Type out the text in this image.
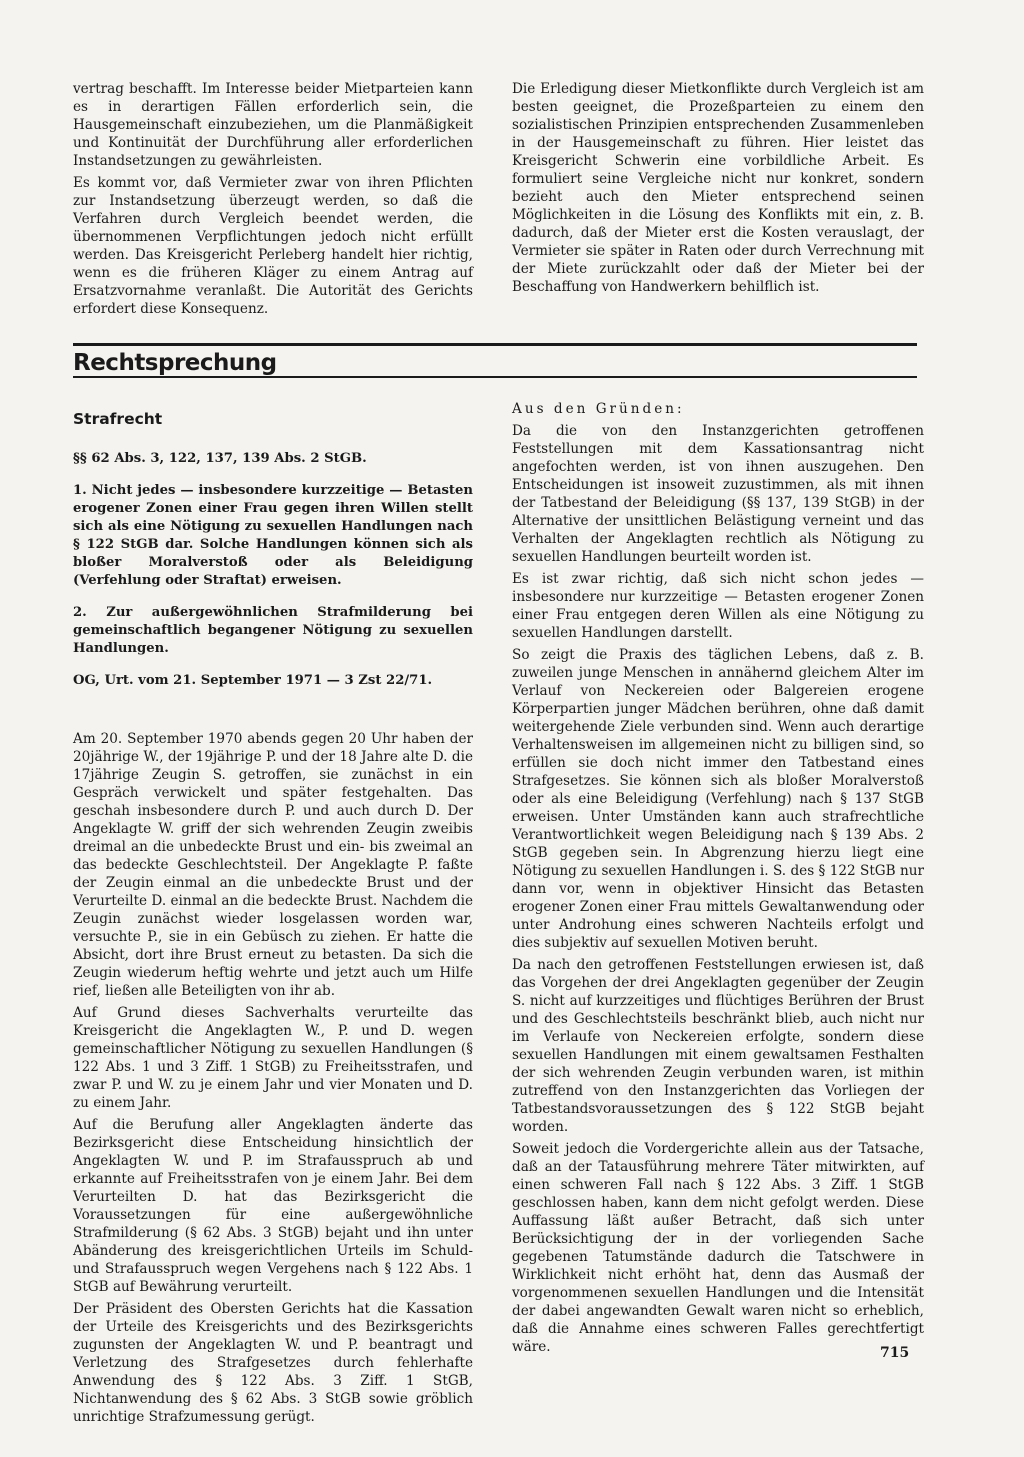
vertrag beschafft. Im Interesse beider Mietparteien kann es in derartigen Fällen erforderlich sein, die Hausgemeinschaft einzubeziehen, um die Planmäßigkeit und Kontinuität der Durchführung aller erforderlichen Instandsetzungen zu gewährleisten.

Es kommt vor, daß Vermieter zwar von ihren Pflichten zur Instandsetzung überzeugt werden, so daß die Verfahren durch Vergleich beendet werden, die übernommenen Verpflichtungen jedoch nicht erfüllt werden. Das Kreisgericht Perleberg handelt hier richtig, wenn es die früheren Kläger zu einem Antrag auf Ersatzvornahme veranlaßt. Die Autorität des Gerichts erfordert diese Konsequenz.

Die Erledigung dieser Mietkonflikte durch Vergleich ist am besten geeignet, die Prozeßparteien zu einem den sozialistischen Prinzipien entsprechenden Zusammenleben in der Hausgemeinschaft zu führen. Hier leistet das Kreisgericht Schwerin eine vorbildliche Arbeit. Es formuliert seine Vergleiche nicht nur konkret, sondern bezieht auch den Mieter entsprechend seinen Möglichkeiten in die Lösung des Konflikts mit ein, z. B. dadurch, daß der Mieter erst die Kosten verauslagt, der Vermieter sie später in Raten oder durch Verrechnung mit der Miete zurückzahlt oder daß der Mieter bei der Beschaffung von Handwerkern behilflich ist.

Rechtsprechung
Strafrecht

§§ 62 Abs. 3, 122, 137, 139 Abs. 2 StGB.

1. Nicht jedes — insbesondere kurzzeitige — Betasten erogener Zonen einer Frau gegen ihren Willen stellt sich als eine Nötigung zu sexuellen Handlungen nach § 122 StGB dar. Solche Handlungen können sich als bloßer Moralverstoß oder als Beleidigung (Verfehlung oder Straftat) erweisen.

2. Zur außergewöhnlichen Strafmilderung bei gemeinschaftlich begangener Nötigung zu sexuellen Handlungen.

OG, Urt. vom 21. September 1971 — 3 Zst 22/71.

Am 20. September 1970 abends gegen 20 Uhr haben der 20jährige W., der 19jährige P. und der 18 Jahre alte D. die 17jährige Zeugin S. getroffen, sie zunächst in ein Gespräch verwickelt und später festgehalten. Das geschah insbesondere durch P. und auch durch D. Der Angeklagte W. griff der sich wehrenden Zeugin zweibis dreimal an die unbedeckte Brust und ein- bis zweimal an das bedeckte Geschlechtsteil. Der Angeklagte P. faßte der Zeugin einmal an die unbedeckte Brust und der Verurteilte D. einmal an die bedeckte Brust. Nachdem die Zeugin zunächst wieder losgelassen worden war, versuchte P., sie in ein Gebüsch zu ziehen. Er hatte die Absicht, dort ihre Brust erneut zu betasten. Da sich die Zeugin wiederum heftig wehrte und jetzt auch um Hilfe rief, ließen alle Beteiligten von ihr ab.

Auf Grund dieses Sachverhalts verurteilte das Kreisgericht die Angeklagten W., P. und D. wegen gemeinschaftlicher Nötigung zu sexuellen Handlungen (§ 122 Abs. 1 und 3 Ziff. 1 StGB) zu Freiheitsstrafen, und zwar P. und W. zu je einem Jahr und vier Monaten und D. zu einem Jahr.

Auf die Berufung aller Angeklagten änderte das Bezirksgericht diese Entscheidung hinsichtlich der Angeklagten W. und P. im Strafausspruch ab und erkannte auf Freiheitsstrafen von je einem Jahr. Bei dem Verurteilten D. hat das Bezirksgericht die Voraussetzungen für eine außergewöhnliche Strafmilderung (§ 62 Abs. 3 StGB) bejaht und ihn unter Abänderung des kreisgerichtlichen Urteils im Schuld- und Strafausspruch wegen Vergehens nach § 122 Abs. 1 StGB auf Bewährung verurteilt.

Der Präsident des Obersten Gerichts hat die Kassation der Urteile des Kreisgerichts und des Bezirksgerichts zugunsten der Angeklagten W. und P. beantragt und Verletzung des Strafgesetzes durch fehlerhafte Anwendung des § 122 Abs. 3 Ziff. 1 StGB, Nichtanwendung des § 62 Abs. 3 StGB sowie gröblich unrichtige Strafzumessung gerügt.

Aus den Gründen:

Da die von den Instanzgerichten getroffenen Feststellungen mit dem Kassationsantrag nicht angefochten werden, ist von ihnen auszugehen. Den Entscheidungen ist insoweit zuzustimmen, als mit ihnen der Tatbestand der Beleidigung (§§ 137, 139 StGB) in der Alternative der unsittlichen Belästigung verneint und das Verhalten der Angeklagten rechtlich als Nötigung zu sexuellen Handlungen beurteilt worden ist.

Es ist zwar richtig, daß sich nicht schon jedes — insbesondere nur kurzzeitige — Betasten erogener Zonen einer Frau entgegen deren Willen als eine Nötigung zu sexuellen Handlungen darstellt.

So zeigt die Praxis des täglichen Lebens, daß z. B. zuweilen junge Menschen in annähernd gleichem Alter im Verlauf von Neckereien oder Balgereien erogene Körperpartien junger Mädchen berühren, ohne daß damit weitergehende Ziele verbunden sind. Wenn auch derartige Verhaltensweisen im allgemeinen nicht zu billigen sind, so erfüllen sie doch nicht immer den Tatbestand eines Strafgesetzes. Sie können sich als bloßer Moralverstoß oder als eine Beleidigung (Verfehlung) nach § 137 StGB erweisen. Unter Umständen kann auch strafrechtliche Verantwortlichkeit wegen Beleidigung nach § 139 Abs. 2 StGB gegeben sein. In Abgrenzung hierzu liegt eine Nötigung zu sexuellen Handlungen i. S. des § 122 StGB nur dann vor, wenn in objektiver Hinsicht das Betasten erogener Zonen einer Frau mittels Gewaltanwendung oder unter Androhung eines schweren Nachteils erfolgt und dies subjektiv auf sexuellen Motiven beruht.

Da nach den getroffenen Feststellungen erwiesen ist, daß das Vorgehen der drei Angeklagten gegenüber der Zeugin S. nicht auf kurzzeitiges und flüchtiges Berühren der Brust und des Geschlechtsteils beschränkt blieb, auch nicht nur im Verlaufe von Neckereien erfolgte, sondern diese sexuellen Handlungen mit einem gewaltsamen Festhalten der sich wehrenden Zeugin verbunden waren, ist mithin zutreffend von den Instanzgerichten das Vorliegen der Tatbestandsvoraussetzungen des § 122 StGB bejaht worden.

Soweit jedoch die Vordergerichte allein aus der Tatsache, daß an der Tatausführung mehrere Täter mitwirkten, auf einen schweren Fall nach § 122 Abs. 3 Ziff. 1 StGB geschlossen haben, kann dem nicht gefolgt werden. Diese Auffassung läßt außer Betracht, daß sich unter Berücksichtigung der in der vorliegenden Sache gegebenen Tatumstände dadurch die Tatschwere in Wirklichkeit nicht erhöht hat, denn das Ausmaß der vorgenommenen sexuellen Handlungen und die Intensität der dabei angewandten Gewalt waren nicht so erheblich, daß die Annahme eines schweren Falles gerechtfertigt wäre.	715
